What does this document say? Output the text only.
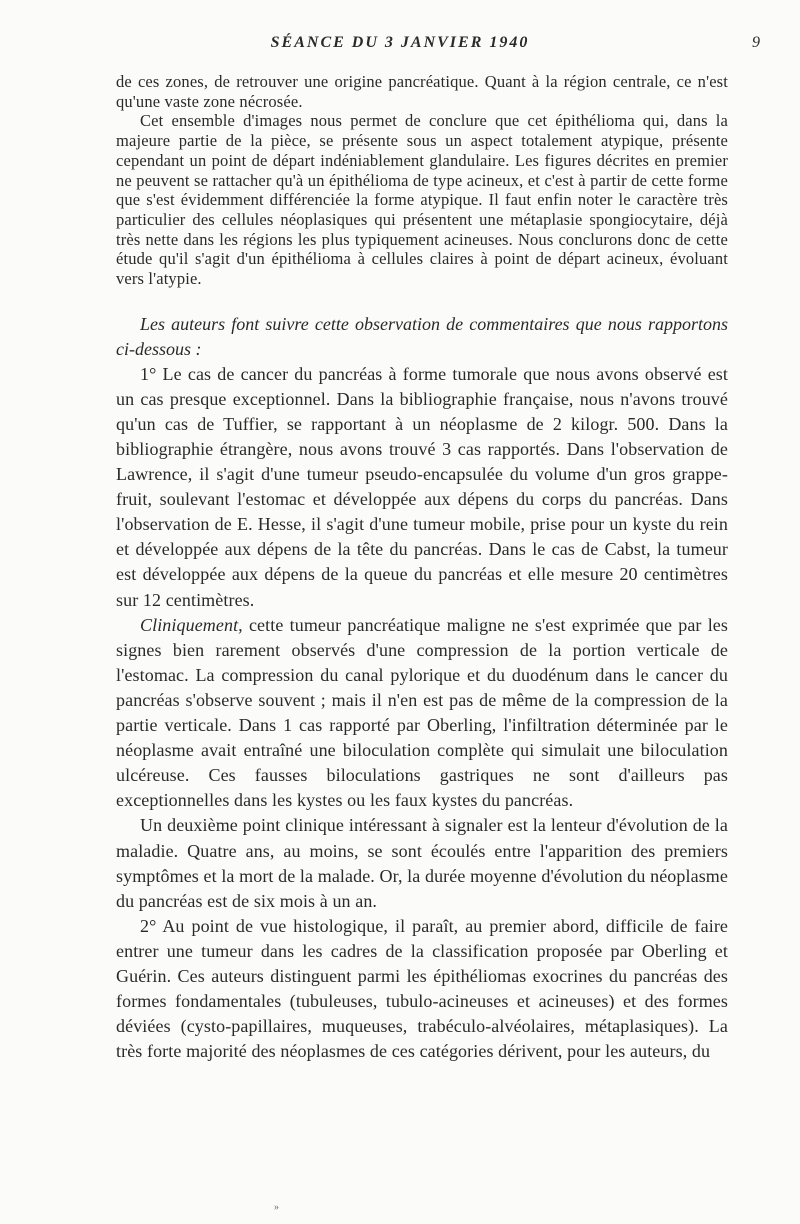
SÉANCE DU 3 JANVIER 1940	9

de ces zones, de retrouver une origine pancréatique. Quant à la région centrale, ce n'est qu'une vaste zone nécrosée.

Cet ensemble d'images nous permet de conclure que cet épithélioma qui, dans la majeure partie de la pièce, se présente sous un aspect totalement atypique, présente cependant un point de départ indéniablement glandulaire. Les figures décrites en premier ne peuvent se rattacher qu'à un épithélioma de type acineux, et c'est à partir de cette forme que s'est évidemment différenciée la forme atypique. Il faut enfin noter le caractère très particulier des cellules néoplasiques qui présentent une métaplasie spongiocytaire, déjà très nette dans les régions les plus typiquement acineuses. Nous conclurons donc de cette étude qu'il s'agit d'un épithélioma à cellules claires à point de départ acineux, évoluant vers l'atypie.

Les auteurs font suivre cette observation de commentaires que nous rapportons ci-dessous :

1° Le cas de cancer du pancréas à forme tumorale que nous avons observé est un cas presque exceptionnel. Dans la bibliographie française, nous n'avons trouvé qu'un cas de Tuffier, se rapportant à un néoplasme de 2 kilogr. 500. Dans la bibliographie étrangère, nous avons trouvé 3 cas rapportés. Dans l'observation de Lawrence, il s'agit d'une tumeur pseudo-encapsulée du volume d'un gros grappe-fruit, soulevant l'estomac et développée aux dépens du corps du pancréas. Dans l'observation de E. Hesse, il s'agit d'une tumeur mobile, prise pour un kyste du rein et développée aux dépens de la tête du pancréas. Dans le cas de Cabst, la tumeur est développée aux dépens de la queue du pancréas et elle mesure 20 centimètres sur 12 centimètres.

Cliniquement, cette tumeur pancréatique maligne ne s'est exprimée que par les signes bien rarement observés d'une compression de la portion verticale de l'estomac. La compression du canal pylorique et du duodénum dans le cancer du pancréas s'observe souvent ; mais il n'en est pas de même de la compression de la partie verticale. Dans 1 cas rapporté par Oberling, l'infiltration déterminée par le néoplasme avait entraîné une biloculation complète qui simulait une biloculation ulcéreuse. Ces fausses biloculations gastriques ne sont d'ailleurs pas exceptionnelles dans les kystes ou les faux kystes du pancréas.

Un deuxième point clinique intéressant à signaler est la lenteur d'évolution de la maladie. Quatre ans, au moins, se sont écoulés entre l'apparition des premiers symptômes et la mort de la malade. Or, la durée moyenne d'évolution du néoplasme du pancréas est de six mois à un an.

2° Au point de vue histologique, il paraît, au premier abord, difficile de faire entrer une tumeur dans les cadres de la classification proposée par Oberling et Guérin. Ces auteurs distinguent parmi les épithéliomas exocrines du pancréas des formes fondamentales (tubuleuses, tubulo-acineuses et acineuses) et des formes déviées (cysto-papillaires, muqueuses, trabéculo-alvéolaires, métaplasiques). La très forte majorité des néoplasmes de ces catégories dérivent, pour les auteurs, du

»
